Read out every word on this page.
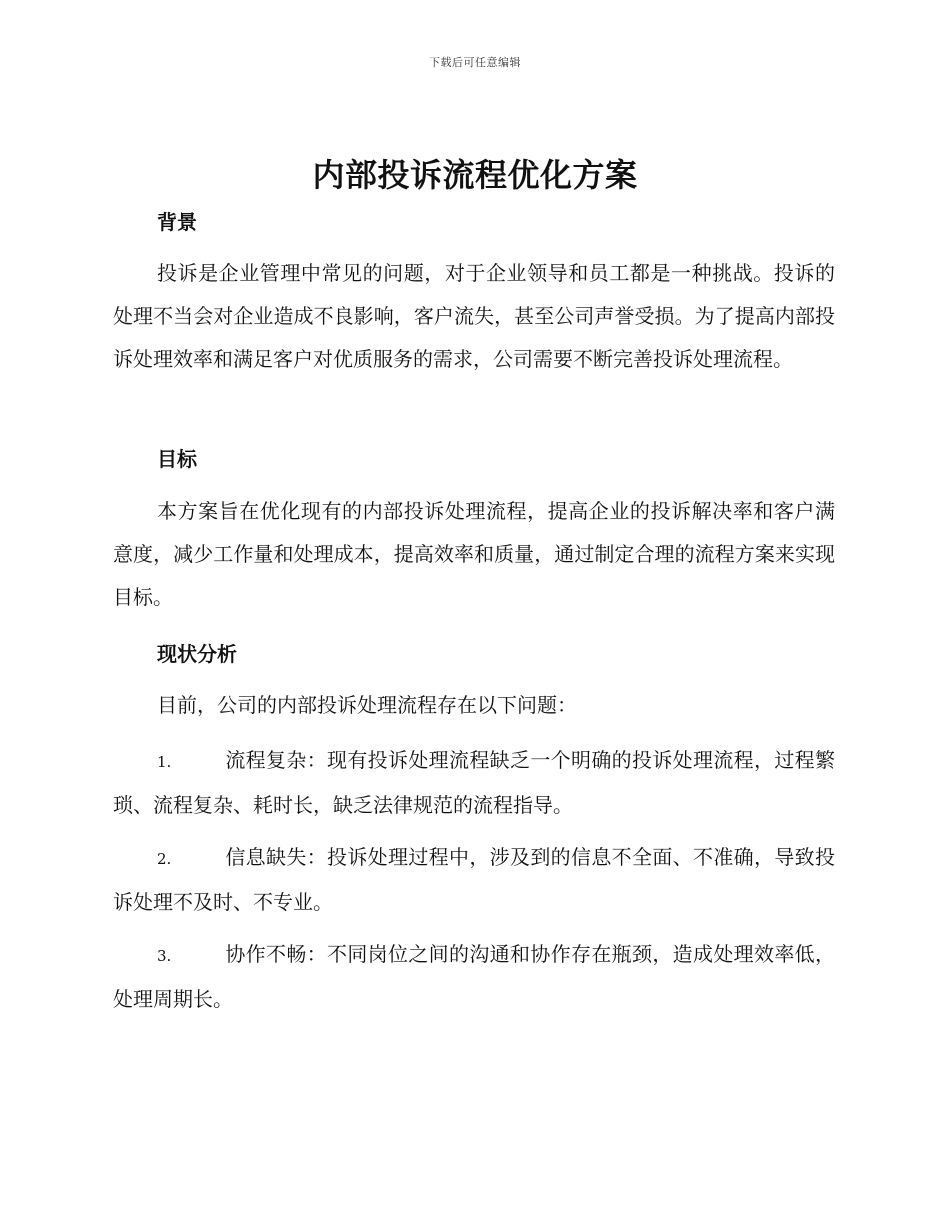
下载后可任意编辑
内部投诉流程优化方案
背景
投诉是企业管理中常见的问题，对于企业领导和员工都是一种挑战。投诉的处理不当会对企业造成不良影响，客户流失，甚至公司声誉受损。为了提高内部投诉处理效率和满足客户对优质服务的需求，公司需要不断完善投诉处理流程。
目标
本方案旨在优化现有的内部投诉处理流程，提高企业的投诉解决率和客户满意度，减少工作量和处理成本，提高效率和质量，通过制定合理的流程方案来实现目标。
现状分析
目前，公司的内部投诉处理流程存在以下问题：
1.	流程复杂：现有投诉处理流程缺乏一个明确的投诉处理流程，过程繁琐、流程复杂、耗时长，缺乏法律规范的流程指导。
2.	信息缺失：投诉处理过程中，涉及到的信息不全面、不准确，导致投诉处理不及时、不专业。
3.	协作不畅：不同岗位之间的沟通和协作存在瓶颈，造成处理效率低，处理周期长。
